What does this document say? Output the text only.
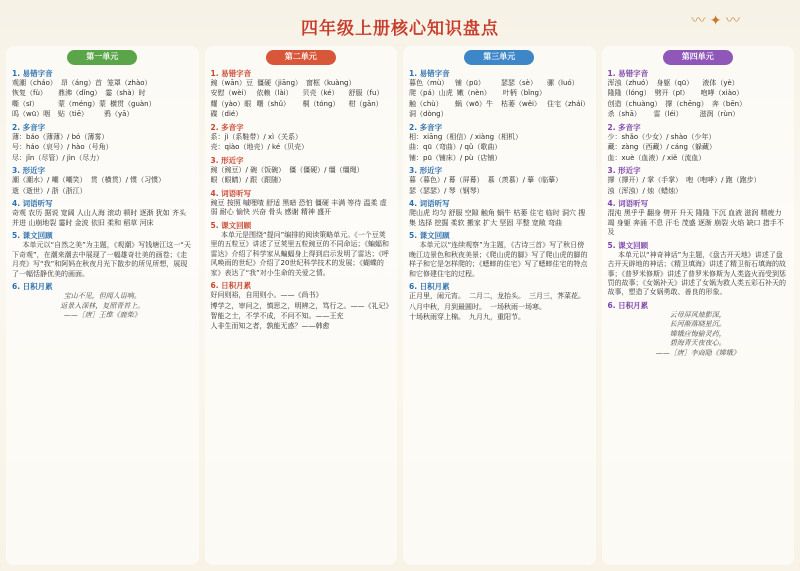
四年级上册核心知识盘点	〰 ✦ 〰
第一单元
1. 易错字音
观潮（cháo） 昂（áng）首 笼罩（zhào）
恢复（fù）	鼎沸（dǐng） 霎（shà）时
嘶（sī）	蒙（méng）蒙 横贯（guàn）
呜（wū）咽	贴（tiē）	鸦（yā）
2. 多音字
薄：báo（薄薄）/ bó（薄雾）
号：háo（哀号）/ hào（号角）
尽：jǐn（尽管）/ jìn（尽力）
3. 形近字
潮（潮水）/ 嘲（嘲笑） 贯（横贯）/ 惯（习惯）
逝（逝世）/ 浙（浙江）
4. 词语听写
奇观 农历 据说 宽阔 人山人海 滚动 顿时 逐渐 犹如 齐头并进 山崩地裂 霎时 金波 依旧 柔和 稻草 河床
5. 课文回顾
本单元以“自然之美”为主题，《观潮》写钱塘江这一“天下奇观”，在潮来潮去中展现了一幅雄奇壮美的画卷；《走月亮》写“我”和阿妈在秋夜月光下散步的所见所想，展现了一幅恬静优美的画面。
6. 日积月累
宝山不见，但闻人语响。
返景入深林，复照青苔上。
——［唐］王维《鹿柴》
第二单元
1. 易错字音
豌（wān）豆 僵硬（jiāng） 窗框（kuàng）
安慰（wèi） 依赖（lài）	贝壳（ké）	舒服（fu）
耀（yào）眼 曙（shǔ）	桐（tóng）	柑（gān）
碟（dié）
2. 多音字
系：jì（系鞋带）/ xì（关系）
壳：qiào（地壳）/ ké（贝壳）
3. 形近字
豌（豌豆）/ 碗（饭碗） 僵（僵硬）/ 缰（缰绳）
眼（眼睛）/ 跟（跟随）
4. 词语听写
豌豆 按照 嘁哩喳 舒适 黑暗 恐怕 僵硬 丰满 等待 温柔 虚弱 耐心 愉快 兴奋 骨头 感谢 精神 盛开
5. 课文回顾
本单元是围绕“提问”编排的阅读策略单元。《一个豆荚里的五粒豆》讲述了豆荚里五粒豌豆的不同命运；《蝙蝠和雷达》介绍了科学家从蝙蝠身上得到启示发明了雷达；《呼风唤雨的世纪》介绍了20世纪科学技术的发展；《蝴蝶的家》表达了“我”对小生命的关爱之情。
6. 日积月累
好问则裕，自用则小。——《尚书》
博学之，审问之，慎思之，明辨之，笃行之。——《礼记》
智能之士，不学不成，不问不知。——王充
人非生而知之者，孰能无惑？——韩愈
第三单元
1. 易错字音
暮色（mù） 铺（pū）	瑟瑟（sè）	骡（luó）
爬（pá）山虎 嫩（nèn）	叶柄（bǐng）
触（chù）	蜗（wō）牛	枯萎（wěi） 住宅（zhái）
洞（dòng）
2. 多音字
相：xiāng（相信）/ xiàng（相机）
曲：qū（弯曲）/ qǔ（歌曲）
铺：pū（铺床）/ pù（店铺）
3. 形近字
暮（暮色）/ 幕（屏幕） 慕（羡慕）/ 摹（临摹）
瑟（瑟瑟）/ 琴（钢琴）
4. 词语听写
爬山虎 均匀 舒服 空隙 触角 蜗牛 枯萎 住宅 临时 洞穴 搜集 选择 挖掘 柔软 搬家 扩大 坚固 平整 宽敞 弯曲
5. 课文回顾
本单元以“连续观察”为主题，《古诗三首》写了秋日傍晚江边景色和秋夜美景；《爬山虎的脚》写了爬山虎的脚的样子和它是怎样爬的；《蟋蟀的住宅》写了蟋蟀住宅的特点和它修建住宅的过程。
6. 日积月累
正月里，闹元宵。 二月二，龙抬头。 三月三，荠菜花。
八月中秋，月到最圆时。 一场秋雨一场寒。
十场秋雨穿上棉。 九月九，重阳节。
第四单元
1. 易错字音
浑浊（zhuó） 身躯（qū）	液体（yè）
隆隆（lóng） 劈开（pī）	咆哮（xiào）
创造（chuàng） 撑（chēng） 奔（bēn）
杀（shā）	雷（léi）	滋润（rùn）
2. 多音字
少：shǎo（少女）/ shào（少年）
藏：zàng（西藏）/ cáng（躲藏）
血：xuè（血液）/ xiě（流血）
3. 形近字
撑（撑开）/ 掌（手掌） 咆（咆哮）/ 跑（跑步）
浊（浑浊）/ 烛（蜡烛）
4. 词语听写
混沌 黑乎乎 翻身 劈开 升天 隆隆 下沉 血液 滋润 精疲力竭 身躯 奔涌 不息 汗毛 茂盛 逐渐 崩裂 火焰 缺口 措手不及
5. 课文回顾
本单元以“神奇神话”为主题，《盘古开天地》讲述了盘古开天辟地的神话；《精卫填海》讲述了精卫衔石填海的故事；《普罗米修斯》讲述了普罗米修斯为人类盗火而受到惩罚的故事；《女娲补天》讲述了女娲为救人类五彩石补天的故事，塑造了女娲勇敢、善良的形象。
6. 日积月累
云母屏风烛影深，
长河渐落晓星沉。
嫦娥应悔偷灵药，
碧海青天夜夜心。
——［唐］李商隐《嫦娥》
